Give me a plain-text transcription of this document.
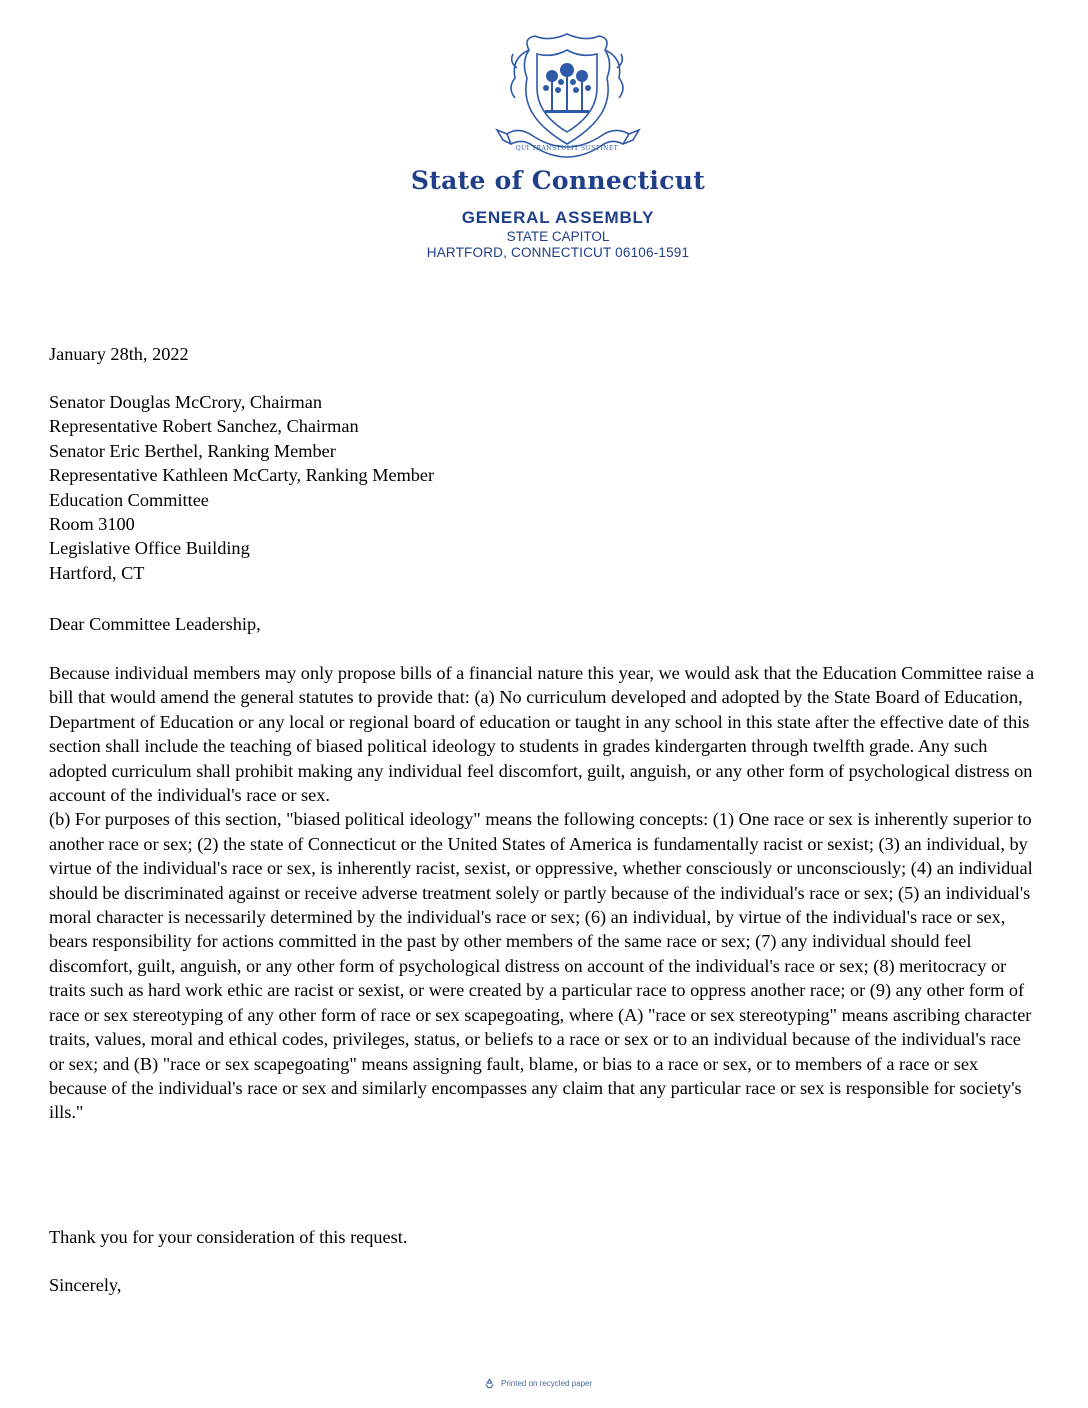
QUI TRANSTULIT SUSTINET
State of Connecticut
GENERAL ASSEMBLY
STATE CAPITOL
HARTFORD, CONNECTICUT 06106-1591
January 28th, 2022
Senator Douglas McCrory, Chairman
Representative Robert Sanchez, Chairman
Senator Eric Berthel, Ranking Member
Representative Kathleen McCarty, Ranking Member
Education Committee
Room 3100
Legislative Office Building
Hartford, CT
Dear Committee Leadership,

Because individual members may only propose bills of a financial nature this year, we would ask that the Education Committee raise a bill that would amend the general statutes to provide that: (a) No curriculum developed and adopted by the State Board of Education, Department of Education or any local or regional board of education or taught in any school in this state after the effective date of this section shall include the teaching of biased political ideology to students in grades kindergarten through twelfth grade. Any such adopted curriculum shall prohibit making any individual feel discomfort, guilt, anguish, or any other form of psychological distress on account of the individual's race or sex.

(b) For purposes of this section, "biased political ideology" means the following concepts: (1) One race or sex is inherently superior to another race or sex; (2) the state of Connecticut or the United States of America is fundamentally racist or sexist; (3) an individual, by virtue of the individual's race or sex, is inherently racist, sexist, or oppressive, whether consciously or unconsciously; (4) an individual should be discriminated against or receive adverse treatment solely or partly because of the individual's race or sex; (5) an individual's moral character is necessarily determined by the individual's race or sex; (6) an individual, by virtue of the individual's race or sex, bears responsibility for actions committed in the past by other members of the same race or sex; (7) any individual should feel discomfort, guilt, anguish, or any other form of psychological distress on account of the individual's race or sex; (8) meritocracy or traits such as hard work ethic are racist or sexist, or were created by a particular race to oppress another race; or (9) any other form of race or sex stereotyping of any other form of race or sex scapegoating, where (A) "race or sex stereotyping" means ascribing character traits, values, moral and ethical codes, privileges, status, or beliefs to a race or sex or to an individual because of the individual's race or sex; and (B) "race or sex scapegoating" means assigning fault, blame, or bias to a race or sex, or to members of a race or sex because of the individual's race or sex and similarly encompasses any claim that any particular race or sex is responsible for society's ills."

Thank you for your consideration of this request.
Sincerely,
Printed on recycled paper
